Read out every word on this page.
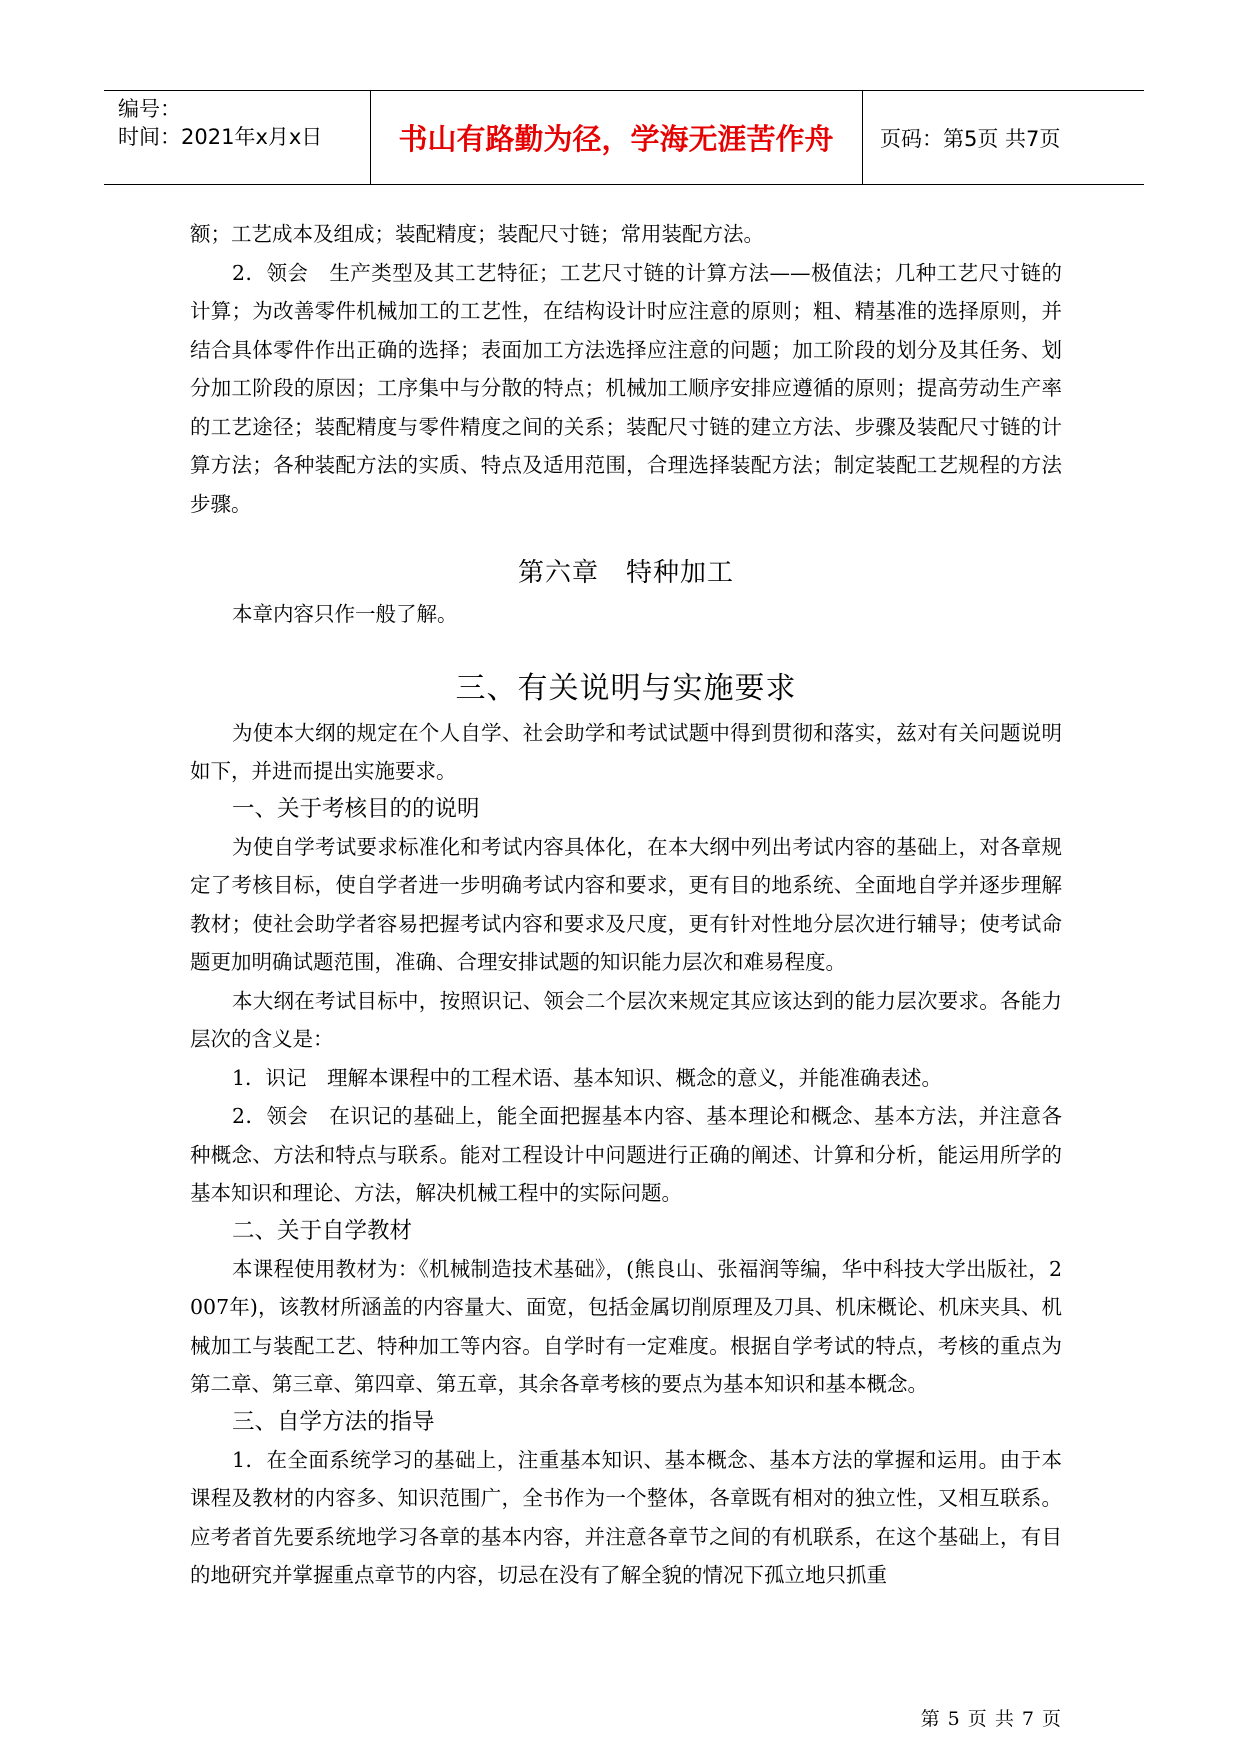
编号：
时间：2021年x月x日	书山有路勤为径，学海无涯苦作舟	页码：第5页 共7页

额；工艺成本及组成；装配精度；装配尺寸链；常用装配方法。

2．领会　生产类型及其工艺特征；工艺尺寸链的计算方法——极值法；几种工艺尺寸链的计算；为改善零件机械加工的工艺性，在结构设计时应注意的原则；粗、精基准的选择原则，并结合具体零件作出正确的选择；表面加工方法选择应注意的问题；加工阶段的划分及其任务、划分加工阶段的原因；工序集中与分散的特点；机械加工顺序安排应遵循的原则；提高劳动生产率的工艺途径；装配精度与零件精度之间的关系；装配尺寸链的建立方法、步骤及装配尺寸链的计算方法；各种装配方法的实质、特点及适用范围，合理选择装配方法；制定装配工艺规程的方法步骤。

第六章　特种加工

本章内容只作一般了解。

三、有关说明与实施要求

为使本大纲的规定在个人自学、社会助学和考试试题中得到贯彻和落实，兹对有关问题说明如下，并进而提出实施要求。

一、关于考核目的的说明

为使自学考试要求标准化和考试内容具体化，在本大纲中列出考试内容的基础上，对各章规定了考核目标，使自学者进一步明确考试内容和要求，更有目的地系统、全面地自学并逐步理解教材；使社会助学者容易把握考试内容和要求及尺度，更有针对性地分层次进行辅导；使考试命题更加明确试题范围，准确、合理安排试题的知识能力层次和难易程度。

本大纲在考试目标中，按照识记、领会二个层次来规定其应该达到的能力层次要求。各能力层次的含义是：

1．识记　理解本课程中的工程术语、基本知识、概念的意义，并能准确表述。

2．领会　在识记的基础上，能全面把握基本内容、基本理论和概念、基本方法，并注意各种概念、方法和特点与联系。能对工程设计中问题进行正确的阐述、计算和分析，能运用所学的基本知识和理论、方法，解决机械工程中的实际问题。

二、关于自学教材

本课程使用教材为：《机械制造技术基础》，(熊良山、张福润等编，华中科技大学出版社，2007年)，该教材所涵盖的内容量大、面宽，包括金属切削原理及刀具、机床概论、机床夹具、机械加工与装配工艺、特种加工等内容。自学时有一定难度。根据自学考试的特点，考核的重点为第二章、第三章、第四章、第五章，其余各章考核的要点为基本知识和基本概念。

三、自学方法的指导

1．在全面系统学习的基础上，注重基本知识、基本概念、基本方法的掌握和运用。由于本课程及教材的内容多、知识范围广，全书作为一个整体，各章既有相对的独立性，又相互联系。应考者首先要系统地学习各章的基本内容，并注意各章节之间的有机联系，在这个基础上，有目的地研究并掌握重点章节的内容，切忌在没有了解全貌的情况下孤立地只抓重

第 5 页 共 7 页
